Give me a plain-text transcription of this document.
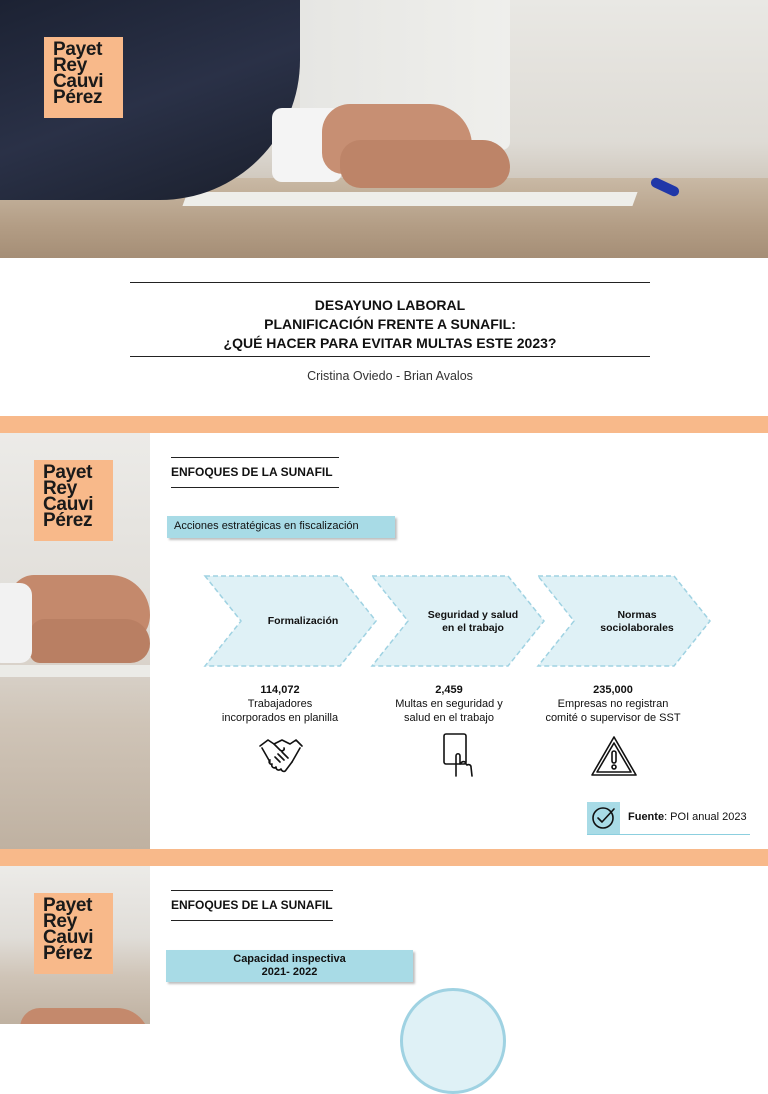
Payet
Rey
Cauvi
Pérez
DESAYUNO LABORAL
PLANIFICACIÓN FRENTE A SUNAFIL:
¿QUÉ HACER PARA EVITAR MULTAS ESTE 2023?
Cristina Oviedo - Brian Avalos
Payet
Rey
Cauvi
Pérez
ENFOQUES DE LA SUNAFIL
Acciones estratégicas en fiscalización
Formalización	Seguridad y salud
en el trabajo
Normas
sociolaborales
114,072
Trabajadores
incorporados en planilla
2,459
Multas en seguridad y
salud en el trabajo
235,000
Empresas no registran
comité o supervisor de SST
Fuente: POI anual 2023
Payet
Rey
Cauvi
Pérez
ENFOQUES DE LA SUNAFIL
Capacidad inspectiva
2021- 2022
